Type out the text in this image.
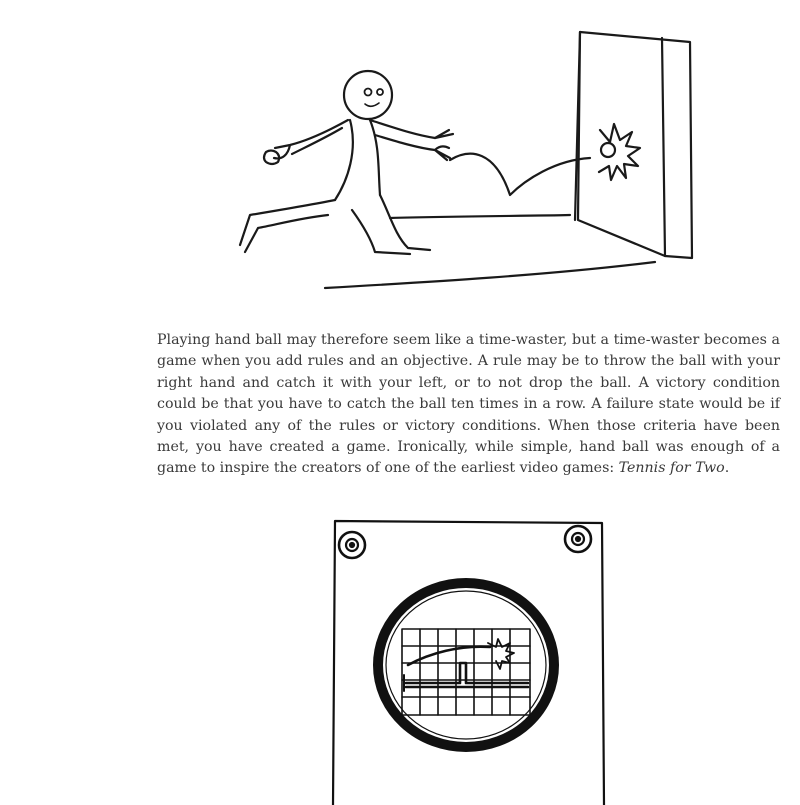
Playing hand ball may therefore seem like a time-waster, but a time-waster becomes a game when you add rules and an objective. A rule may be to throw the ball with your right hand and catch it with your left, or to not drop the ball. A victory condition could be that you have to catch the ball ten times in a row. A failure state would be if you violated any of the rules or victory conditions. When those criteria have been met, you have created a game. Ironically, while simple, hand ball was enough of a game to inspire the creators of one of the earliest video games: Tennis for Two.
